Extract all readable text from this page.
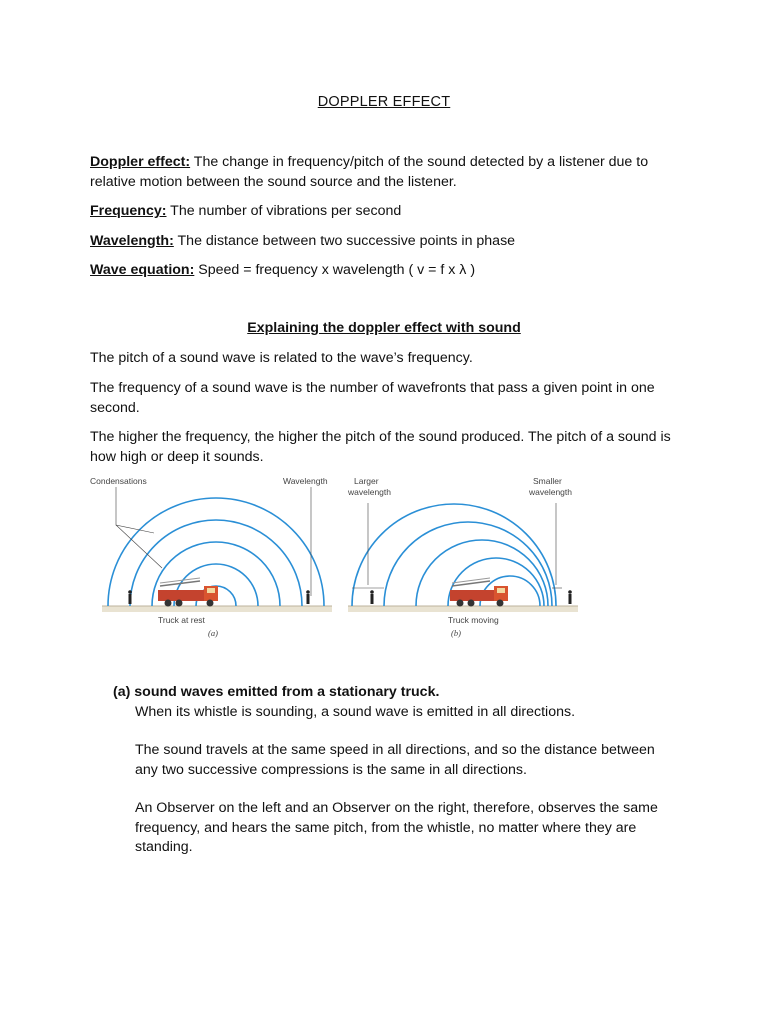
DOPPLER EFFECT
Doppler effect: The change in frequency/pitch of the sound detected by a listener due to relative motion between the sound source and the listener.
Frequency: The number of vibrations per second
Wavelength: The distance between two successive points in phase
Wave equation: Speed = frequency x wavelength ( v = f x λ )
Explaining the doppler effect with sound
The pitch of a sound wave is related to the wave’s frequency.
The frequency of a sound wave is the number of wavefronts that pass a given point in one second.
The higher the frequency, the higher the pitch of the sound produced. The pitch of a sound is how high or deep it sounds.
Condensations	Wavelength
Truck at rest
(a)
Larger
wavelength
Smaller
wavelength
Truck moving
(b)
(a) sound waves emitted from a stationary truck.
When its whistle is sounding, a sound wave is emitted in all directions.
The sound travels at the same speed in all directions, and so the distance between any two successive compressions is the same in all directions.
An Observer on the left and an Observer on the right, therefore, observes the same frequency, and hears the same pitch, from the whistle, no matter where they are standing.
